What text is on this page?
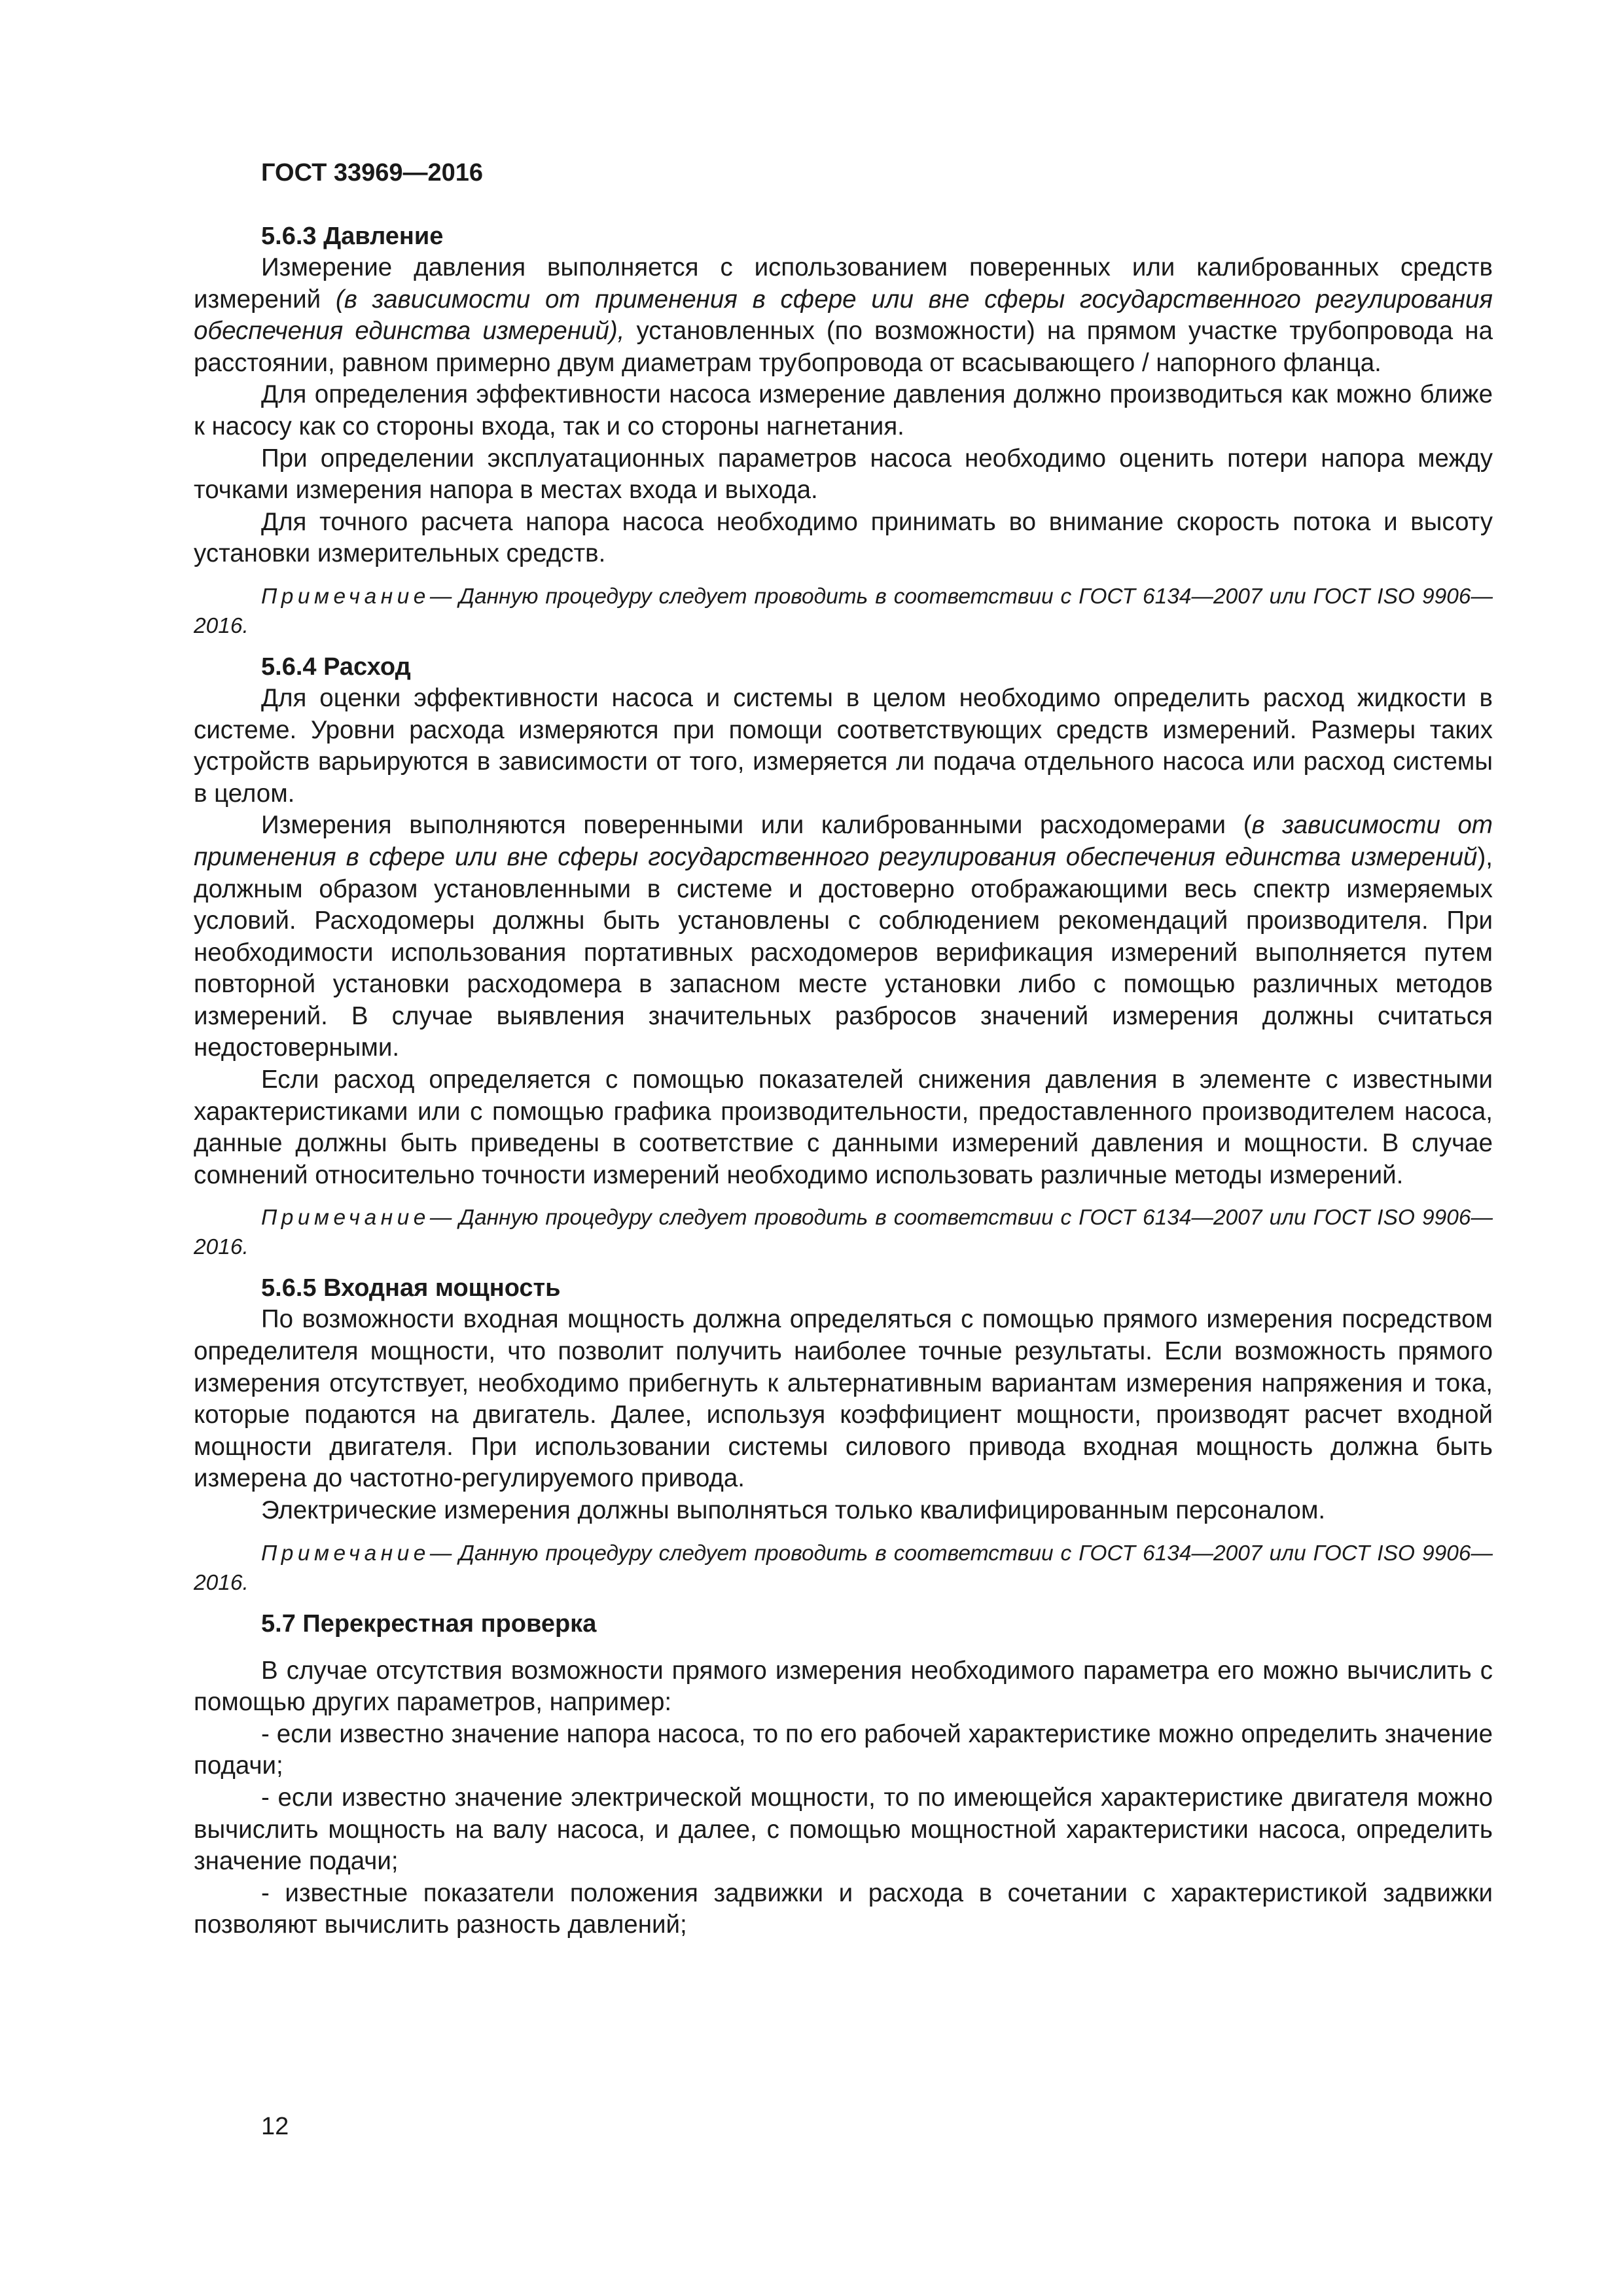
ГОСТ 33969—2016

5.6.3 Давление

Измерение давления выполняется с использованием поверенных или калиброванных средств измерений (в зависимости от применения в сфере или вне сферы государственного регулирования обеспечения единства измерений), установленных (по возможности) на прямом участке трубопровода на расстоянии, равном примерно двум диаметрам трубопровода от всасывающего / напорного фланца.

Для определения эффективности насоса измерение давления должно производиться как можно ближе к насосу как со стороны входа, так и со стороны нагнетания.

При определении эксплуатационных параметров насоса необходимо оценить потери напора между точками измерения напора в местах входа и выхода.

Для точного расчета напора насоса необходимо принимать во внимание скорость потока и высоту установки измерительных средств.

Примечание— Данную процедуру следует проводить в соответствии с ГОСТ 6134—2007 или ГОСТ ISO 9906—2016.

5.6.4 Расход

Для оценки эффективности насоса и системы в целом необходимо определить расход жидкости в системе. Уровни расхода измеряются при помощи соответствующих средств измерений. Размеры таких устройств варьируются в зависимости от того, измеряется ли подача отдельного насоса или расход системы в целом.

Измерения выполняются поверенными или калиброванными расходомерами (в зависимости от применения в сфере или вне сферы государственного регулирования обеспечения единства измерений), должным образом установленными в системе и достоверно отображающими весь спектр измеряемых условий. Расходомеры должны быть установлены с соблюдением рекомендаций производителя. При необходимости использования портативных расходомеров верификация измерений выполняется путем повторной установки расходомера в запасном месте установки либо с помощью различных методов измерений. В случае выявления значительных разбросов значений измерения должны считаться недостоверными.

Если расход определяется с помощью показателей снижения давления в элементе с известными характеристиками или с помощью графика производительности, предоставленного производителем насоса, данные должны быть приведены в соответствие с данными измерений давления и мощности. В случае сомнений относительно точности измерений необходимо использовать различные методы измерений.

Примечание— Данную процедуру следует проводить в соответствии с ГОСТ 6134—2007 или ГОСТ ISO 9906—2016.

5.6.5 Входная мощность

По возможности входная мощность должна определяться с помощью прямого измерения посредством определителя мощности, что позволит получить наиболее точные результаты. Если возможность прямого измерения отсутствует, необходимо прибегнуть к альтернативным вариантам измерения напряжения и тока, которые подаются на двигатель. Далее, используя коэффициент мощности, производят расчет входной мощности двигателя. При использовании системы силового привода входная мощность должна быть измерена до частотно-регулируемого привода.

Электрические измерения должны выполняться только квалифицированным персоналом.

Примечание— Данную процедуру следует проводить в соответствии с ГОСТ 6134—2007 или ГОСТ ISO 9906—2016.

5.7 Перекрестная проверка

В случае отсутствия возможности прямого измерения необходимого параметра его можно вычислить с помощью других параметров, например:

- если известно значение напора насоса, то по его рабочей характеристике можно определить значение подачи;

- если известно значение электрической мощности, то по имеющейся характеристике двигателя можно вычислить мощность на валу насоса, и далее, с помощью мощностной характеристики насоса, определить значение подачи;

- известные показатели положения задвижки и расхода в сочетании с характеристикой задвижки позволяют вычислить разность давлений;

12
